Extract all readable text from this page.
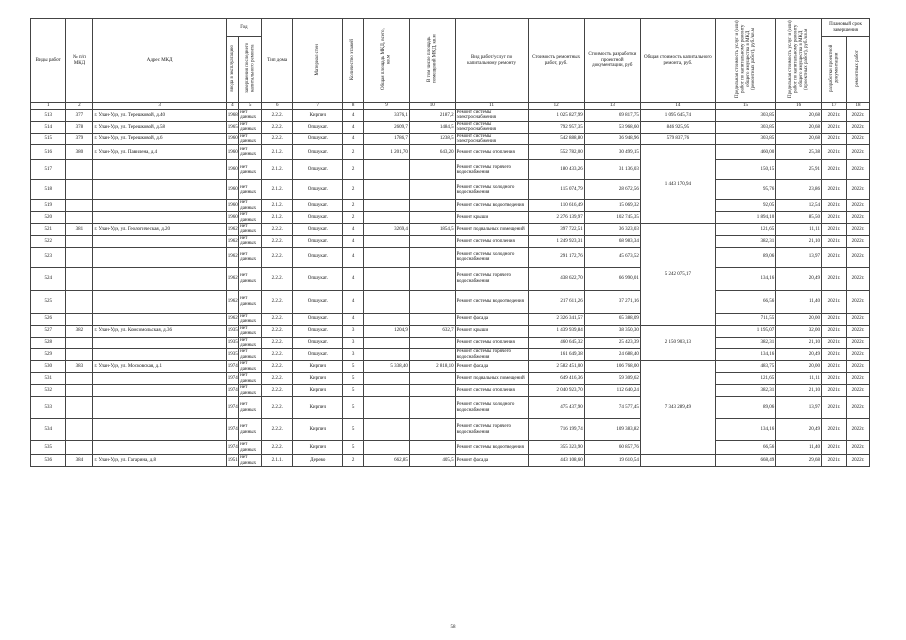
Виды работ	№ п/п МКД	Адрес МКД	Год		Тип дома	Материал стен	Количество этажей	Общая площадь МКД, всего, кв.м	В том числе площадь помещений МКД, кв.м	Вид работ/услуг по капитальному ремонту	Стоимость ремонтных работ, руб.	Стоимость разработки проектной документации, руб	Общая стоимость капитального ремонта, руб.	Предельная стоимость услуг и (или) работ по капитальному ремонту общего имущества в МКД (ремонтных работ), руб./кв.м	Предельная стоимость услуг и (или) работ по капитальному ремонту общего имущества в МКД (проектных работ), руб./кв.м	Плановый срок завершения	
			ввода в эксплуатацию	завершения последнего капитального ремонта												разработки проектной документации	ремонтных работ
1	2	3	4	5	6	7	8	9	10	11	12	13	14	15	16	17	18
513	377	г. Улан-Удэ, ул. Терешковой, д.40	1968	нет данных	2.2.2.	Кирпич	4	3376,1	2187,2	Ремонт системы электроснабжения	1 025 827,99	69 817,75	1 095 645,74	303,85	20,68	2021г.	2022г.
514	378	г. Улан-Удэ, ул. Терешковой, д.58	1965	нет данных	2.2.2.	Опшукат.	4	2609,7	1484,5	Ремонт системы электроснабжения	792 957,35	53 968,60	846 925,95	303,85	20,68	2021г.	2022г.
515	379	г. Улан-Удэ, ул. Терешковой, д.6	1960	нет данных	2.2.2.	Опшукат.	4	1786,7	1238,5	Ремонт системы электроснабжения	542 888,80	36 948,96	579 837,76	303,85	20,68	2021г.	2022г.
516	380	г. Улан-Удэ, ул. Павилена, д.4	1960	нет данных	2.1.2.	Опшукат.	2	1 201,70	643,20	Ремонт системы отопления	552 782,00	30 499,15	1 443 170,94	460,00	25,38	2021г.	2022г.
517			1960	нет данных	2.1.2.	Опшукат.	2			Ремонт системы горячего водоснабжения	180 433,26	31 136,03		150,15	25,91	2021г.	2022г.
518			1960	нет данных	2.1.2.	Опшукат.	2			Ремонт системы холодного водоснабжения	115 074,79	28 672,56		95,76	23,86	2021г.	2022г.
519			1960	нет данных	2.1.2.	Опшукат.	2			Ремонт системы водоотведения	110 616,49	15 069,32		92,05	12,54	2021г.	2022г.
520			1960	нет данных	2.1.2.	Опшукат.	2			Ремонт крыши	2 276 139,97	102 745,35		1 894,10	85,50	2021г.	2022г.
521	381	г. Улан-Удэ, ул. Геологическая, д.20	1962	нет данных	2.2.2.	Опшукат.	4	3269,4	1854,5	Ремонт подвальных помещений	397 722,51	36 323,03	5 242 075,17	121,65	11,11	2021г.	2022г.
522			1962	нет данных	2.2.2.	Опшукат.	4			Ремонт системы отопления	1 249 923,31	68 983,34		382,31	21,10	2021г.	2022г.
523			1962	нет данных	2.2.2.	Опшукат.	4			Ремонт системы холодного водоснабжения	291 172,76	45 673,52		89,06	13,97	2021г.	2022г.
524			1962	нет данных	2.2.2.	Опшукат.	4			Ремонт системы горячего водоснабжения	438 622,70	66 990,01		134,16	20,49	2021г.	2022г.
525			1962	нет данных	2.2.2.	Опшукат.	4			Ремонт системы водоотведения	217 611,26	37 271,16		66,56	11,40	2021г.	2022г.
526			1962	нет данных	2.2.2.	Опшукат.	4			Ремонт фасада	2 326 341,57	65 388,09		711,55	20,00	2021г.	2022г.
527	382	г. Улан-Удэ, ул. Комсомольская, д.36	1935	нет данных	2.2.2.	Опшукат.	3	1204,9	632,7	Ремонт крыши	1 439 939,84	38 350,30	2 150 903,13	1 195,07	32,00	2021г.	2022г.
528			1935	нет данных	2.2.2.	Опшукат.	3			Ремонт системы отопления	460 645,32	25 423,39		382,31	21,10	2021г.	2022г.
529			1935	нет данных	2.2.2.	Опшукат.	3			Ремонт системы горячего водоснабжения	161 649,38	24 688,40		134,16	20,49	2021г.	2022г.
530	383	г. Улан-Удэ, ул. Московская, д.1	1974	нет данных	2.2.2.	Кирпич	5	5 338,40	2 818,10	Ремонт фасада	2 582 451,00	106 768,00	7 343 289,49	483,75	20,00	2021г.	2022г.
531			1974	нет данных	2.2.2.	Кирпич	5			Ремонт подвальных помещений	649 416,36	59 309,62		121,65	11,11	2021г.	2022г.
532			1974	нет данных	2.2.2.	Кирпич	5			Ремонт системы отопления	2 040 923,70	112 640,24		382,31	21,10	2021г.	2022г.
533			1974	нет данных	2.2.2.	Кирпич	5			Ремонт системы холодного водоснабжения	475 437,90	74 577,45		89,06	13,97	2021г.	2022г.
534			1974	нет данных	2.2.2.	Кирпич	5			Ремонт системы горячего водоснабжения	716 199,74	109 383,82		134,16	20,49	2021г.	2022г.
535			1974	нет данных	2.2.2.	Кирпич	5			Ремонт системы водоотведения	355 323,90	60 857,76		66,56	11,40	2021г.	2022г.
536	384	г. Улан-Удэ, ул. Гагарина, д.8	1951	нет данных	2.1.1.	Дерево	2	662,85	405,5	Ремонт фасада	443 108,60	19 610,54		668,49	29,68	2021г.	2022г.
58
